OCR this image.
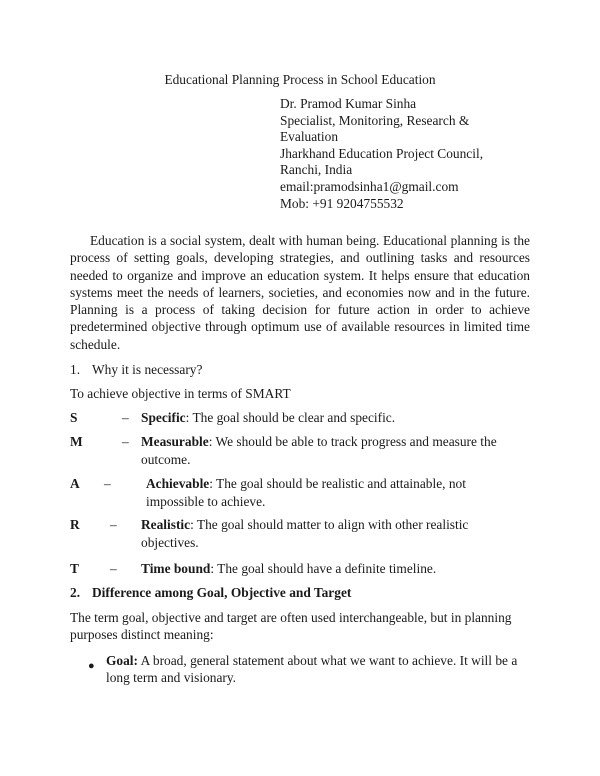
Educational Planning Process in School Education
Dr. Pramod Kumar Sinha
Specialist, Monitoring, Research &
Evaluation
Jharkhand Education Project Council,
Ranchi, India
email:pramodsinha1@gmail.com
Mob: +91 9204755532
Education is a social system, dealt with human being. Educational planning is the process of setting goals, developing strategies, and outlining tasks and resources needed to organize and improve an education system. It helps ensure that education systems meet the needs of learners, societies, and economies now and in the future. Planning is a process of taking decision for future action in order to achieve predetermined objective through optimum use of available resources in limited time schedule.
1. Why it is necessary?
To achieve objective in terms of SMART
S	– Specific: The goal should be clear and specific.
M	– Measurable: We should be able to track progress and measure the outcome.
A –	Achievable: The goal should be realistic and attainable, not impossible to achieve.
R – Realistic: The goal should matter to align with other realistic objectives.
T – Time bound: The goal should have a definite timeline.
2. Difference among Goal, Objective and Target
The term goal, objective and target are often used interchangeable, but in planning purposes distinct meaning:
● Goal: A broad, general statement about what we want to achieve. It will be a long term and visionary.
